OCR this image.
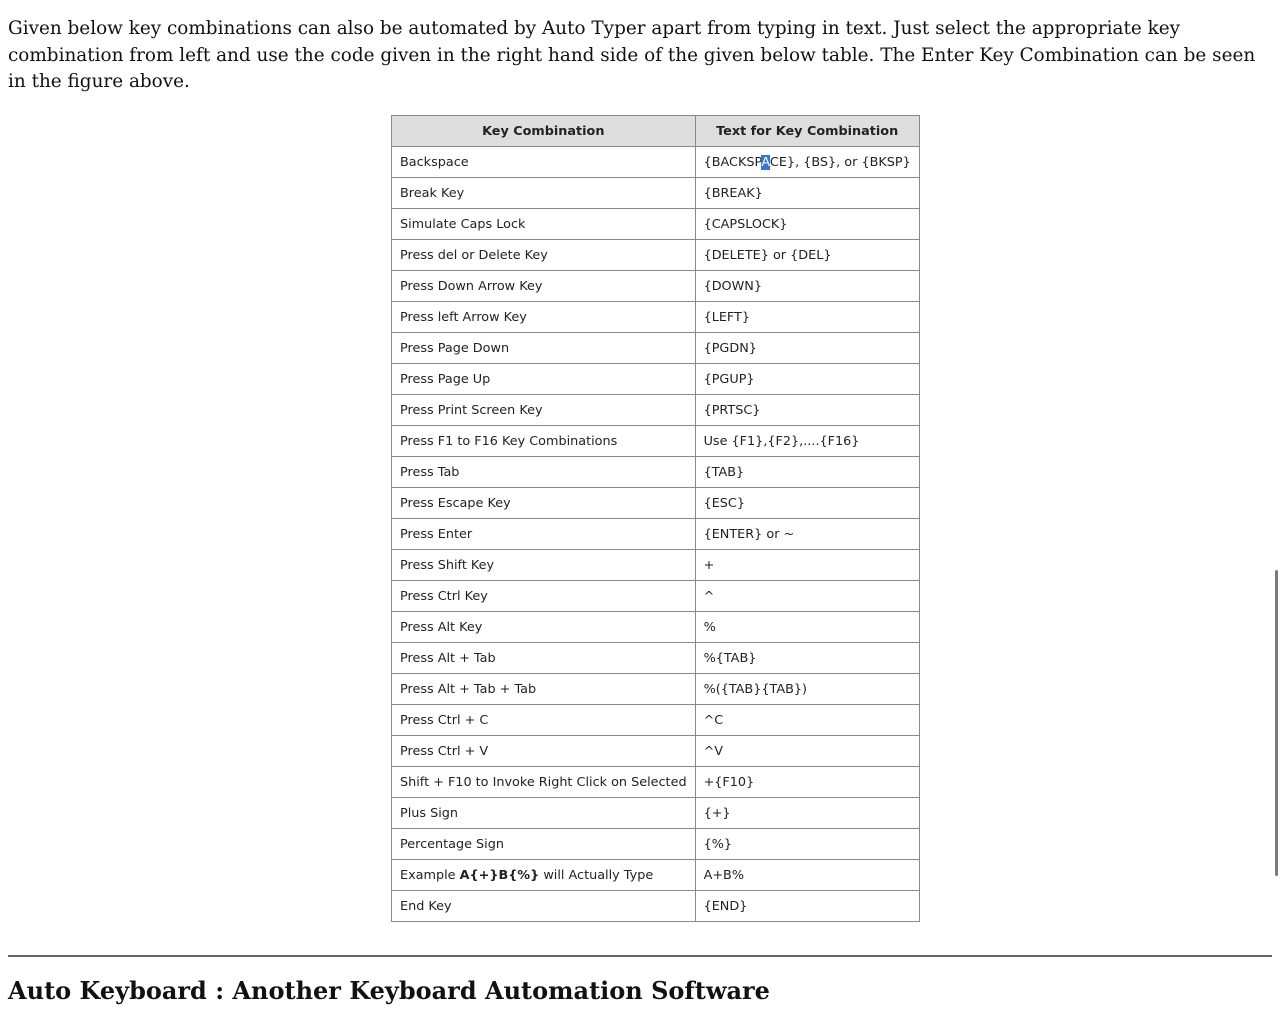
Given below key combinations can also be automated by Auto Typer apart from typing in text. Just select the appropriate key combination from left and use the code given in the right hand side of the given below table. The Enter Key Combination can be seen in the figure above.

Key Combination	Text for Key Combination
Backspace	{BACKSPACE}, {BS}, or {BKSP}
Break Key	{BREAK}
Simulate Caps Lock	{CAPSLOCK}
Press del or Delete Key	{DELETE} or {DEL}
Press Down Arrow Key	{DOWN}
Press left Arrow Key	{LEFT}
Press Page Down	{PGDN}
Press Page Up	{PGUP}
Press Print Screen Key	{PRTSC}
Press F1 to F16 Key Combinations	Use {F1},{F2},....{F16}
Press Tab	{TAB}
Press Escape Key	{ESC}
Press Enter	{ENTER} or ~
Press Shift Key	+
Press Ctrl Key	^
Press Alt Key	%
Press Alt + Tab	%{TAB}
Press Alt + Tab + Tab	%({TAB}{TAB})
Press Ctrl + C	^C
Press Ctrl + V	^V
Shift + F10 to Invoke Right Click on Selected	+{F10}
Plus Sign	{+}
Percentage Sign	{%}
Example A{+}B{%} will Actually Type	A+B%
End Key	{END}
Auto Keyboard : Another Keyboard Automation Software
